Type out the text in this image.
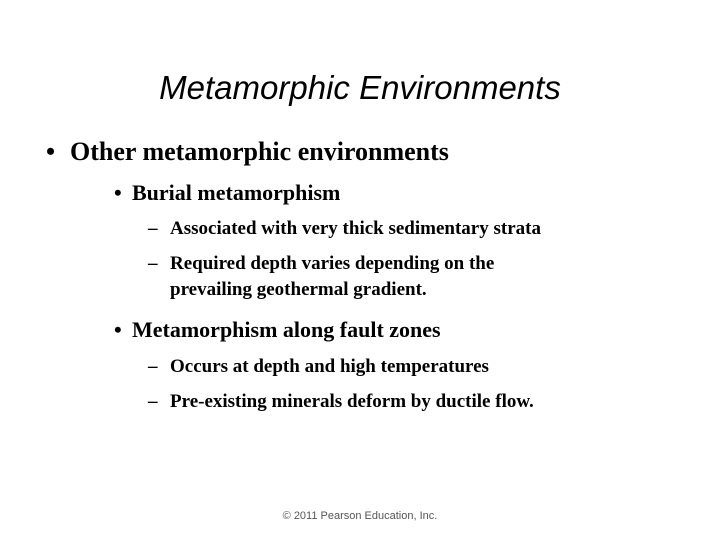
Metamorphic Environments
• Other metamorphic environments
• Burial metamorphism
– Associated with very thick sedimentary strata
– Required depth varies depending on the
prevailing geothermal gradient.
• Metamorphism along fault zones
– Occurs at depth and high temperatures
– Pre-existing minerals deform by ductile flow.
© 2011 Pearson Education, Inc.
